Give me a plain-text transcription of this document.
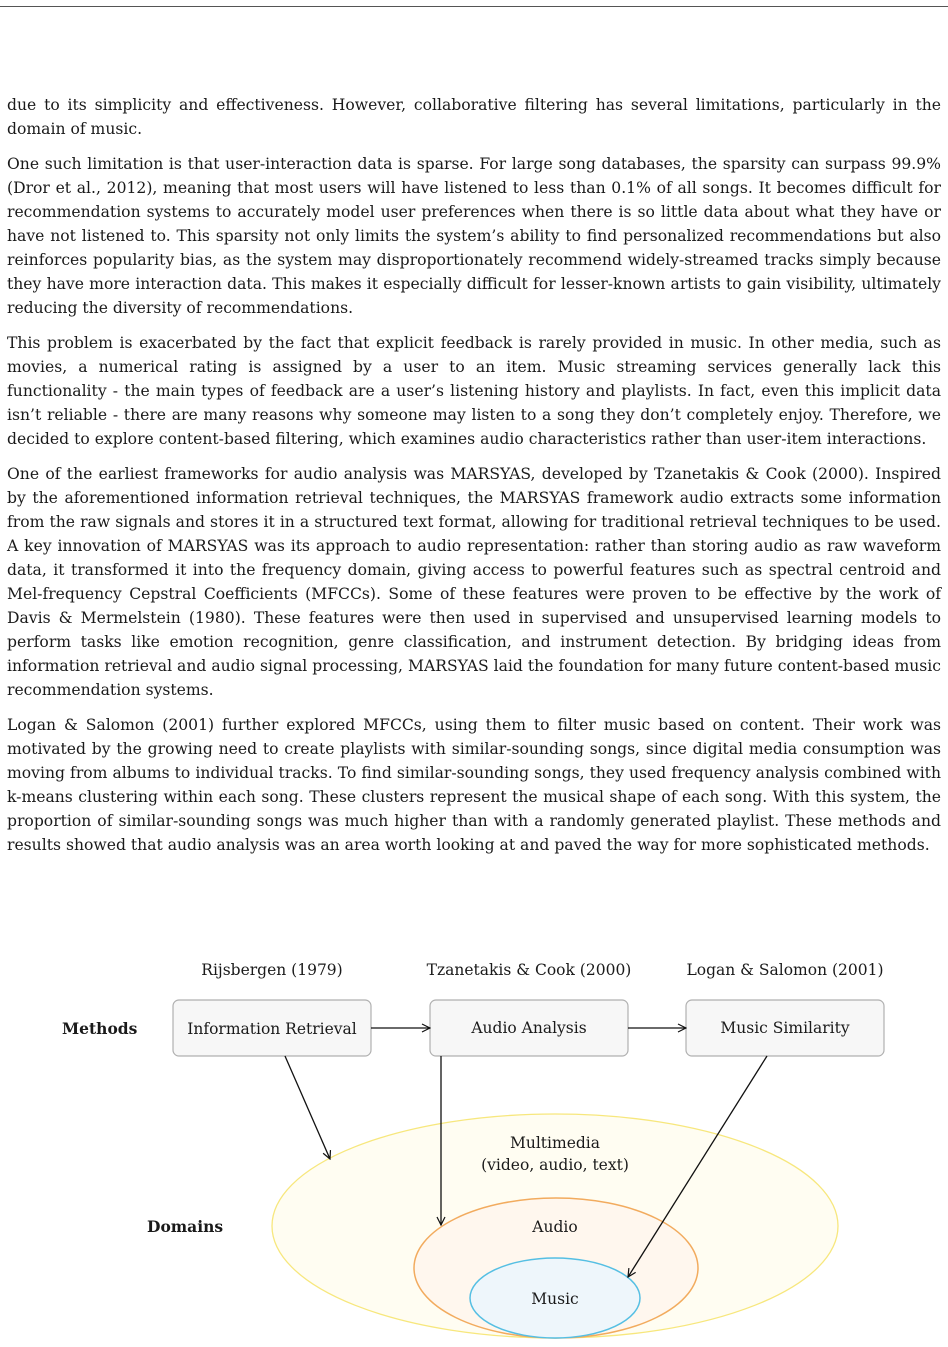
due to its simplicity and effectiveness. However, collaborative filtering has several limitations, particularly in the domain of music.

One such limitation is that user-interaction data is sparse. For large song databases, the sparsity can surpass 99.9% (Dror et al., 2012), meaning that most users will have listened to less than 0.1% of all songs. It becomes difficult for recommendation systems to accurately model user preferences when there is so little data about what they have or have not listened to. This sparsity not only limits the system’s ability to find personalized recommendations but also reinforces popularity bias, as the system may disproportionately recommend widely-streamed tracks simply because they have more interaction data. This makes it especially difficult for lesser-known artists to gain visibility, ultimately reducing the diversity of recommendations.

This problem is exacerbated by the fact that explicit feedback is rarely provided in music. In other media, such as movies, a numerical rating is assigned by a user to an item. Music streaming services generally lack this functionality - the main types of feedback are a user’s listening history and playlists. In fact, even this implicit data isn’t reliable - there are many reasons why someone may listen to a song they don’t completely enjoy. Therefore, we decided to explore content-based filtering, which examines audio characteristics rather than user-item interactions.

One of the earliest frameworks for audio analysis was MARSYAS, developed by Tzanetakis & Cook (2000). Inspired by the aforementioned information retrieval techniques, the MARSYAS framework audio extracts some information from the raw signals and stores it in a structured text format, allowing for traditional retrieval techniques to be used. A key innovation of MARSYAS was its approach to audio representation: rather than storing audio as raw waveform data, it transformed it into the frequency domain, giving access to powerful features such as spectral centroid and Mel-frequency Cepstral Coefficients (MFCCs). Some of these features were proven to be effective by the work of Davis & Mermelstein (1980). These features were then used in supervised and unsupervised learning models to perform tasks like emotion recognition, genre classification, and instrument detection. By bridging ideas from information retrieval and audio signal processing, MARSYAS laid the foundation for many future content-based music recommendation systems.

Logan & Salomon (2001) further explored MFCCs, using them to filter music based on content. Their work was motivated by the growing need to create playlists with similar-sounding songs, since digital media consumption was moving from albums to individual tracks. To find similar-sounding songs, they used frequency analysis combined with k-means clustering within each song. These clusters represent the musical shape of each song. With this system, the proportion of similar-sounding songs was much higher than with a randomly generated playlist. These methods and results showed that audio analysis was an area worth looking at and paved the way for more sophisticated methods.

Methods
Domains
Rijsbergen (1979)	Tzanetakis & Cook (2000)	Logan & Salomon (2001)
Information Retrieval	Audio Analysis	Music Similarity
Multimedia
(video, audio, text)
Audio
Music
